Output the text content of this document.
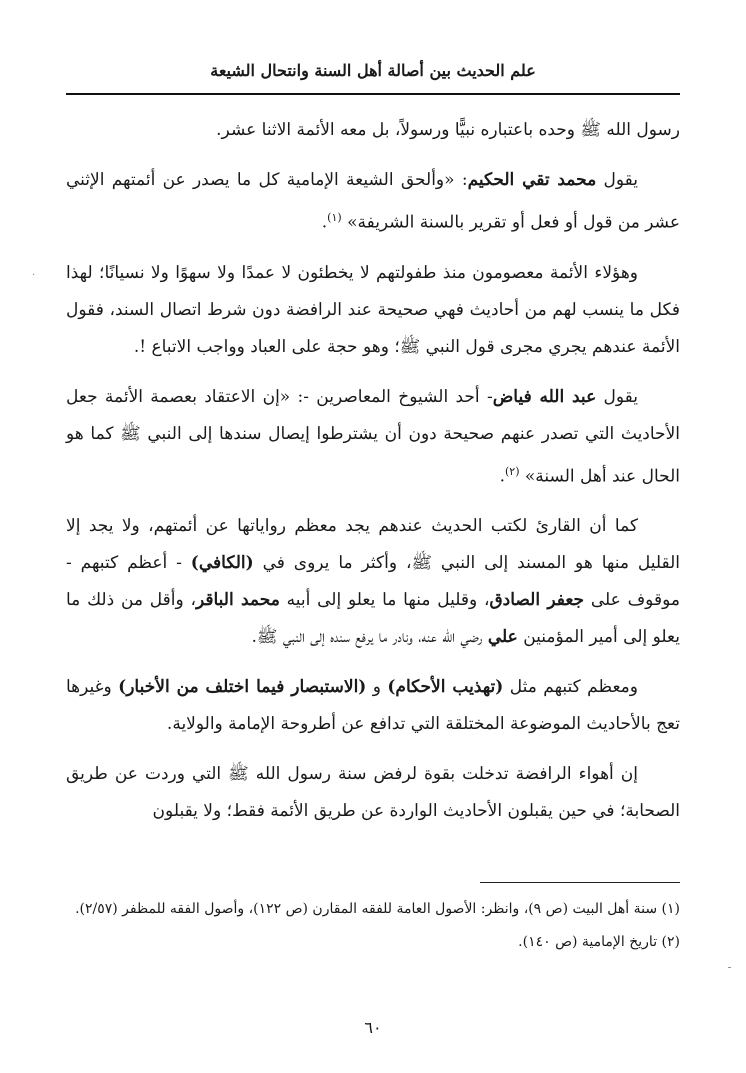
علم الحديث بين أصالة أهل السنة وانتحال الشيعة

رسول الله ﷺ وحده باعتباره نبيًّا ورسولاً، بل معه الأئمة الاثنا عشر.

يقول محمد تقي الحكيم: «وألحق الشيعة الإمامية كل ما يصدر عن أئمتهم الإثني عشر من قول أو فعل أو تقرير بالسنة الشريفة» $^{(١)}$.

وهؤلاء الأئمة معصومون منذ طفولتهم لا يخطئون لا عمدًا ولا سهوًا ولا نسيانًا؛ لهذا فكل ما ينسب لهم من أحاديث فهي صحيحة عند الرافضة دون شرط اتصال السند، فقول الأئمة عندهم يجري مجرى قول النبي ﷺ؛ وهو حجة على العباد وواجب الاتباع !.

يقول عبد الله فياض- أحد الشيوخ المعاصرين -: «إن الاعتقاد بعصمة الأئمة جعل الأحاديث التي تصدر عنهم صحيحة دون أن يشترطوا إيصال سندها إلى النبي ﷺ كما هو الحال عند أهل السنة» $^{(٢)}$.

كما أن القارئ لكتب الحديث عندهم يجد معظم رواياتها عن أئمتهم، ولا يجد إلا القليل منها هو المسند إلى النبي ﷺ، وأكثر ما يروى في (الكافي) - أعظم كتبهم - موقوف على جعفر الصادق، وقليل منها ما يعلو إلى أبيه محمد الباقر، وأقل من ذلك ما يعلو إلى أمير المؤمنين علي رضي الله عنه، ونادر ما يرفع سنده إلى النبي ﷺ.

ومعظم كتبهم مثل (تهذيب الأحكام) و (الاستبصار فيما اختلف من الأخبار) وغيرها تعج بالأحاديث الموضوعة المختلقة التي تدافع عن أطروحة الإمامة والولاية.

إن أهواء الرافضة تدخلت بقوة لرفض سنة رسول الله ﷺ التي وردت عن طريق الصحابة؛ في حين يقبلون الأحاديث الواردة عن طريق الأئمة فقط؛ ولا يقبلون

(١) سنة أهل البيت (ص ٩)، وانظر: الأصول العامة للفقه المقارن (ص ١٢٢)، وأصول الفقه للمظفر (٢/٥٧).

(٢) تاريخ الإمامية (ص ١٤٠).

٦٠
·
ـ
